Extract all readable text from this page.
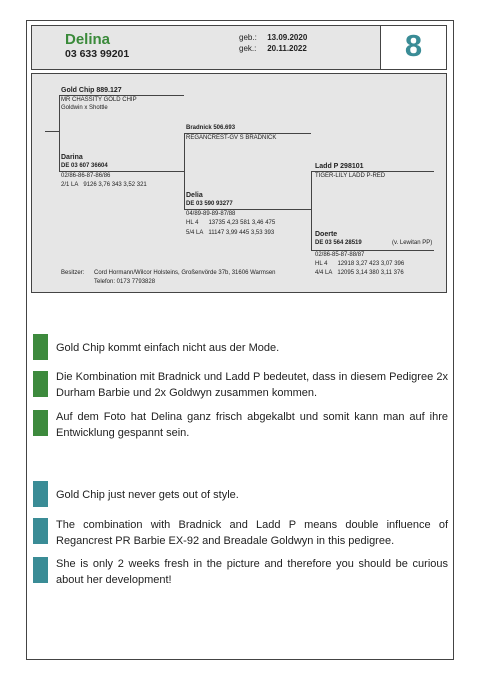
Delina
03 633 99201
geb.: 13.09.2020
gek.: 20.11.2022	8
Gold Chip 889.127
MR CHASSITY GOLD CHIP
Goldwin x Shottle
Darina
DE 03 607 36604
02/86-86-87-86/86
2/1 LA 9126 3,76 343 3,52 321
Bradnick 506.693
REGANCREST-GV S BRADNICK
Delia
DE 03 590 93277
04/89-89-89-87/88
HL 4 13735 4,23 581 3,46 475
5/4 LA 11147 3,99 445 3,53 393
Ladd P 298101
TIGER-LILY LADD P-RED
Doerte
DE 03 564 28519	(v. Lewitan PP)
02/86-85-87-88/87
HL 4 12918 3,27 423 3,07 396
4/4 LA 12095 3,14 380 3,11 376
Besitzer: Cord Hormann/Wilcor Holsteins, Großenvörde 37b, 31606 Warmsen
Telefon: 0173 7793828
Gold Chip kommt einfach nicht aus der Mode.
Die Kombination mit Bradnick und Ladd P bedeutet, dass in diesem Pedigree 2x Durham Barbie und 2x Goldwyn zusammen kommen.
Auf dem Foto hat Delina ganz frisch abgekalbt und somit kann man auf ihre Entwicklung gespannt sein.
Gold Chip just never gets out of style.
The combination with Bradnick and Ladd P means double influence of Regancrest PR Barbie EX-92 and Breadale Goldwyn in this pedigree.
She is only 2 weeks fresh in the picture and therefore you should be curious about her development!
